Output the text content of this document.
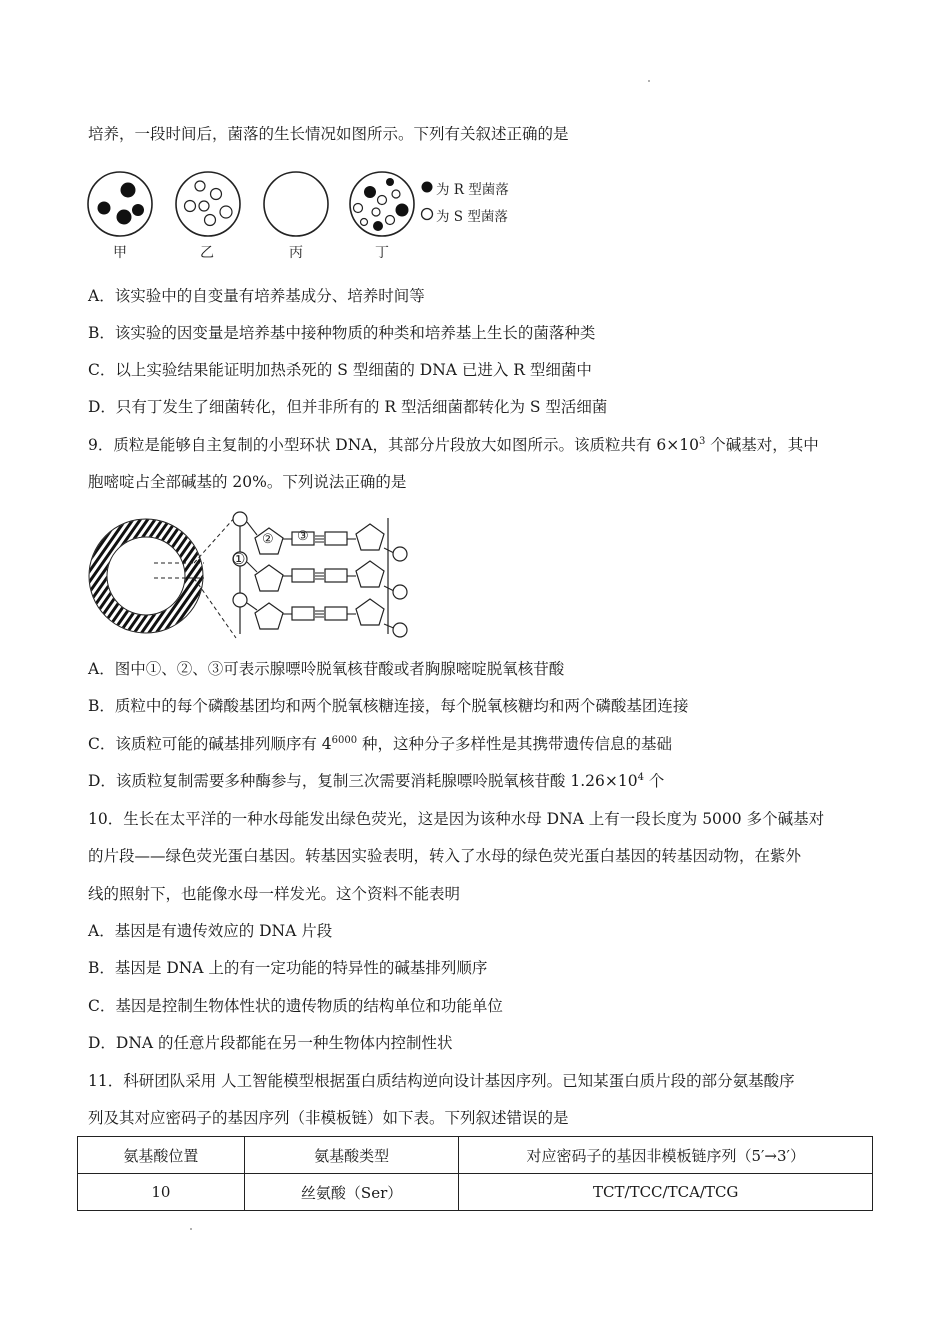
培养，一段时间后，菌落的生长情况如图所示。下列有关叙述正确的是
为 R 型菌落
为 S 型菌落
甲	乙	丙	丁
A．该实验中的自变量有培养基成分、培养时间等
B．该实验的因变量是培养基中接种物质的种类和培养基上生长的菌落种类
C．以上实验结果能证明加热杀死的 S 型细菌的 DNA 已进入 R 型细菌中
D．只有丁发生了细菌转化，但并非所有的 R 型活细菌都转化为 S 型活细菌
9．质粒是能够自主复制的小型环状 DNA，其部分片段放大如图所示。该质粒共有 $6\times 10^3$ 个碱基对，其中
胞嘧啶占全部碱基的 20%。下列说法正确的是
①
② ③
A．图中①、②、③可表示腺嘌呤脱氧核苷酸或者胸腺嘧啶脱氧核苷酸
B．质粒中的每个磷酸基团均和两个脱氧核糖连接，每个脱氧核糖均和两个磷酸基团连接
C．该质粒可能的碱基排列顺序有 $4^{6000}$ 种，这种分子多样性是其携带遗传信息的基础
D．该质粒复制需要多种酶参与，复制三次需要消耗腺嘌呤脱氧核苷酸 $1.26\times 10^4$ 个
10．生长在太平洋的一种水母能发出绿色荧光，这是因为该种水母 DNA 上有一段长度为 5000 多个碱基对
的片段——绿色荧光蛋白基因。转基因实验表明，转入了水母的绿色荧光蛋白基因的转基因动物，在紫外
线的照射下，也能像水母一样发光。这个资料不能表明
A．基因是有遗传效应的 DNA 片段
B．基因是 DNA 上的有一定功能的特异性的碱基排列顺序
C．基因是控制生物体性状的遗传物质的结构单位和功能单位
D．DNA 的任意片段都能在另一种生物体内控制性状
11．科研团队采用 人工智能模型根据蛋白质结构逆向设计基因序列。已知某蛋白质片段的部分氨基酸序
列及其对应密码子的基因序列（非模板链）如下表。下列叙述错误的是
氨基酸位置	氨基酸类型	对应密码子的基因非模板链序列（5′→3′）
10	丝氨酸（Ser）	TCT/TCC/TCA/TCG
